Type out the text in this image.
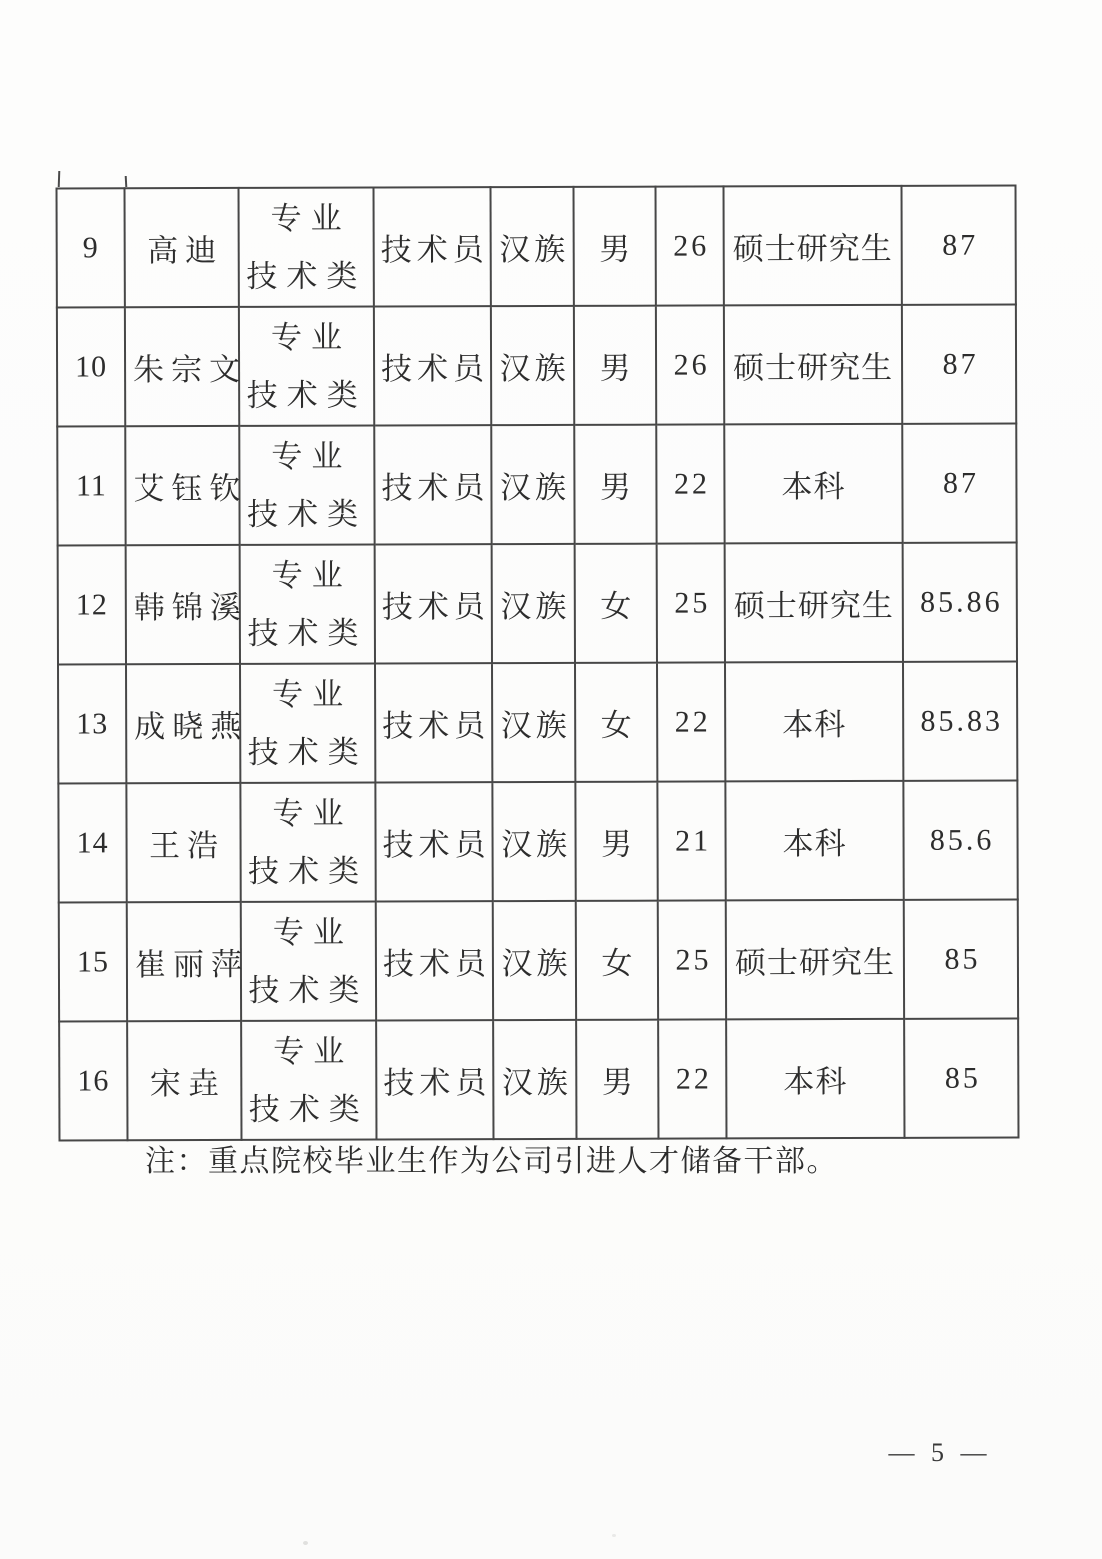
9	高迪	专业技术类	技术员	汉族	男	26	硕士研究生	87
10	朱宗文	专业技术类	技术员	汉族	男	26	硕士研究生	87
11	艾钰钦	专业技术类	技术员	汉族	男	22	本科	87
12	韩锦溪	专业技术类	技术员	汉族	女	25	硕士研究生	85.86
13	成晓燕	专业技术类	技术员	汉族	女	22	本科	85.83
14	王浩	专业技术类	技术员	汉族	男	21	本科	85.6
15	崔丽萍	专业技术类	技术员	汉族	女	25	硕士研究生	85
16	宋垚	专业技术类	技术员	汉族	男	22	本科	85
注：重点院校毕业生作为公司引进人才储备干部。
— 5 —
